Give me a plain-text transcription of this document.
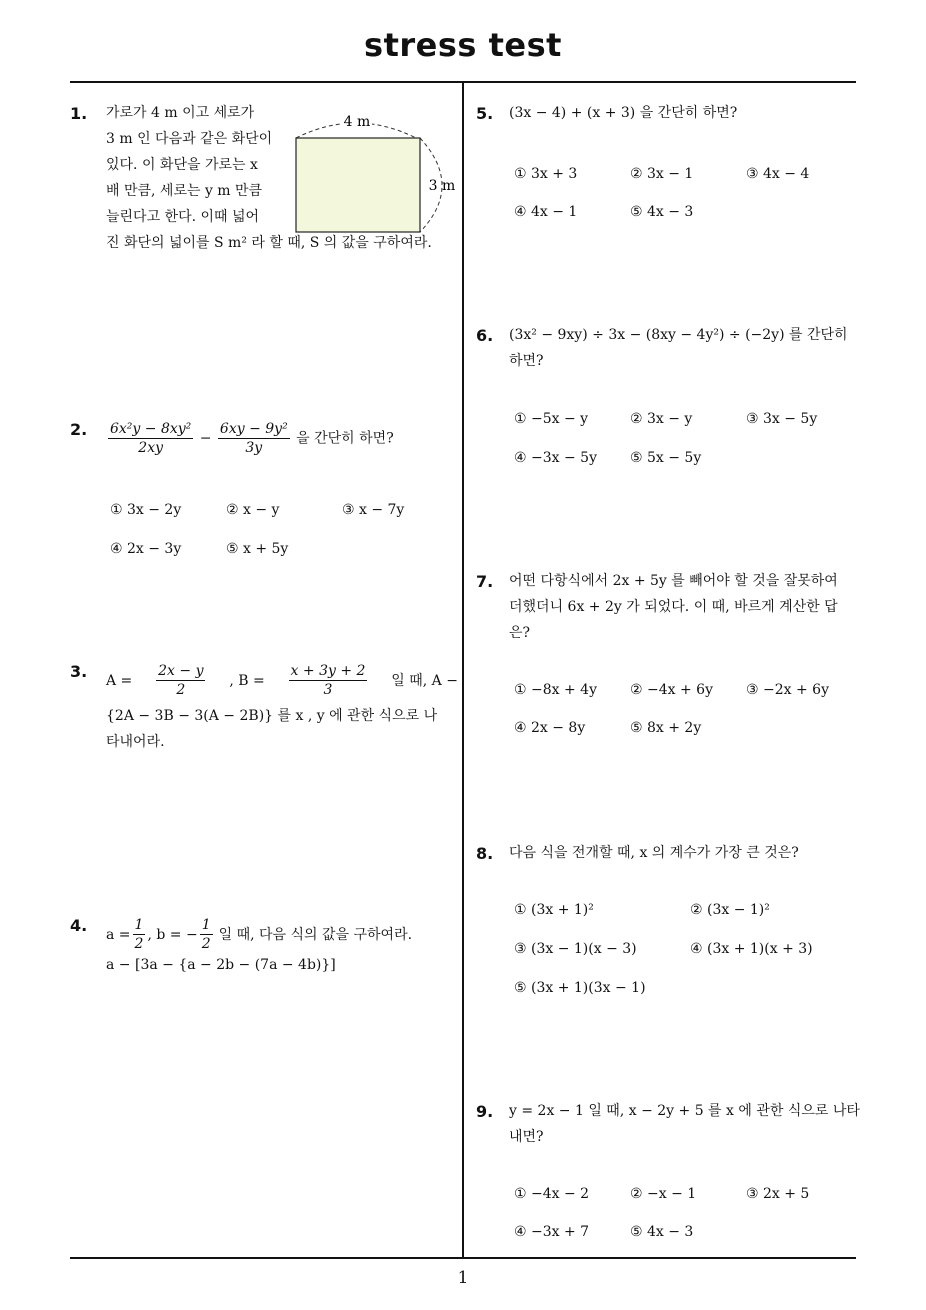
stress test
1
1. 가로가 4 m 이고 세로가
3 m 인 다음과 같은 화단이
있다. 이 화단을 가로는 x
배 만큼, 세로는 y m 만큼
늘린다고 한다. 이때 넓어
진 화단의 넓이를 S m² 라 할 때, S 의 값을 구하여라.
4 m
3 m
2. $\frac{\text{6x²y − 8xy²}}{2xy} - \frac{\text{6xy − 9y²}}{3y}$ 을 간단히 하면?
① 3x − 2y	② x − y	③ x − 7y
④ 2x − 3y	⑤ x + 5y
3. $A = \frac{2x - y}{2}$ , $B = \frac{x + 3y + 2}{3}$ 일 때, A −
{2A − 3B − 3(A − 2B)} 를 x , y 에 관한 식으로 나
타내어라.
4. $a = \frac{1}{2}$ , b = − $\frac{1}{2}$ 일 때, 다음 식의 값을 구하여라.
a − [3a − {a − 2b − (7a − 4b)}]
5. (3x − 4) + (x + 3) 을 간단히 하면?
① 3x + 3	② 3x − 1	③ 4x − 4
④ 4x − 1	⑤ 4x − 3
6. (3x² − 9xy) ÷ 3x − (8xy − 4y²) ÷ (−2y) 를 간단히
하면?
① −5x − y	② 3x − y	③ 3x − 5y
④ −3x − 5y ⑤ 5x − 5y
7. 어떤 다항식에서 2x + 5y 를 빼어야 할 것을 잘못하여
더했더니 6x + 2y 가 되었다. 이 때, 바르게 계산한 답
은?
① −8x + 4y ② −4x + 6y ③ −2x + 6y
④ 2x − 8y	⑤ 8x + 2y
8. 다음 식을 전개할 때, x 의 계수가 가장 큰 것은?
① (3x + 1)²	② (3x − 1)²
③ (3x − 1)(x − 3)	④ (3x + 1)(x + 3)
⑤ (3x + 1)(3x − 1)
9. y = 2x − 1 일 때, x − 2y + 5 를 x 에 관한 식으로 나타
내면?
① −4x − 2	② −x − 1	③ 2x + 5
④ −3x + 7	⑤ 4x − 3
